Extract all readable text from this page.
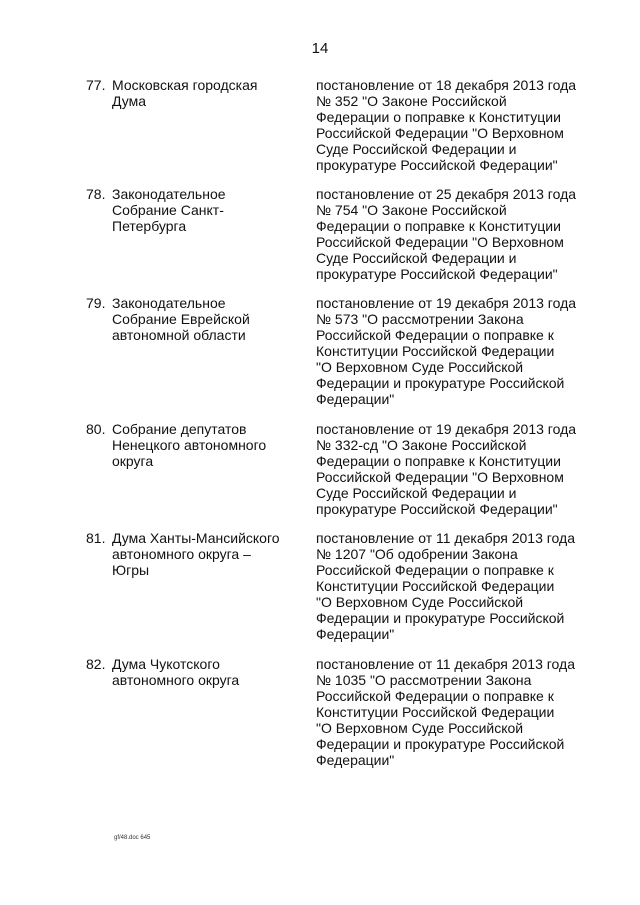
14
77. Московская городская
Дума
постановление от 18 декабря 2013 года
№ 352 "О Законе Российской
Федерации о поправке к Конституции
Российской Федерации "О Верховном
Суде Российской Федерации и
прокуратуре Российской Федерации"
78. Законодательное
Собрание Санкт-
Петербурга
постановление от 25 декабря 2013 года
№ 754 "О Законе Российской
Федерации о поправке к Конституции
Российской Федерации "О Верховном
Суде Российской Федерации и
прокуратуре Российской Федерации"
79. Законодательное
Собрание Еврейской
автономной области
постановление от 19 декабря 2013 года
№ 573 "О рассмотрении Закона
Российской Федерации о поправке к
Конституции Российской Федерации
"О Верховном Суде Российской
Федерации и прокуратуре Российской
Федерации"
80. Собрание депутатов
Ненецкого автономного
округа
постановление от 19 декабря 2013 года
№ 332-сд "О Законе Российской
Федерации о поправке к Конституции
Российской Федерации "О Верховном
Суде Российской Федерации и
прокуратуре Российской Федерации"
81. Дума Ханты-Мансийского
автономного округа –
Югры
постановление от 11 декабря 2013 года
№ 1207 "Об одобрении Закона
Российской Федерации о поправке к
Конституции Российской Федерации
"О Верховном Суде Российской
Федерации и прокуратуре Российской
Федерации"
82. Дума Чукотского
автономного округа
постановление от 11 декабря 2013 года
№ 1035 "О рассмотрении Закона
Российской Федерации о поправке к
Конституции Российской Федерации
"О Верховном Суде Российской
Федерации и прокуратуре Российской
Федерации"
gf/48.doc 645
